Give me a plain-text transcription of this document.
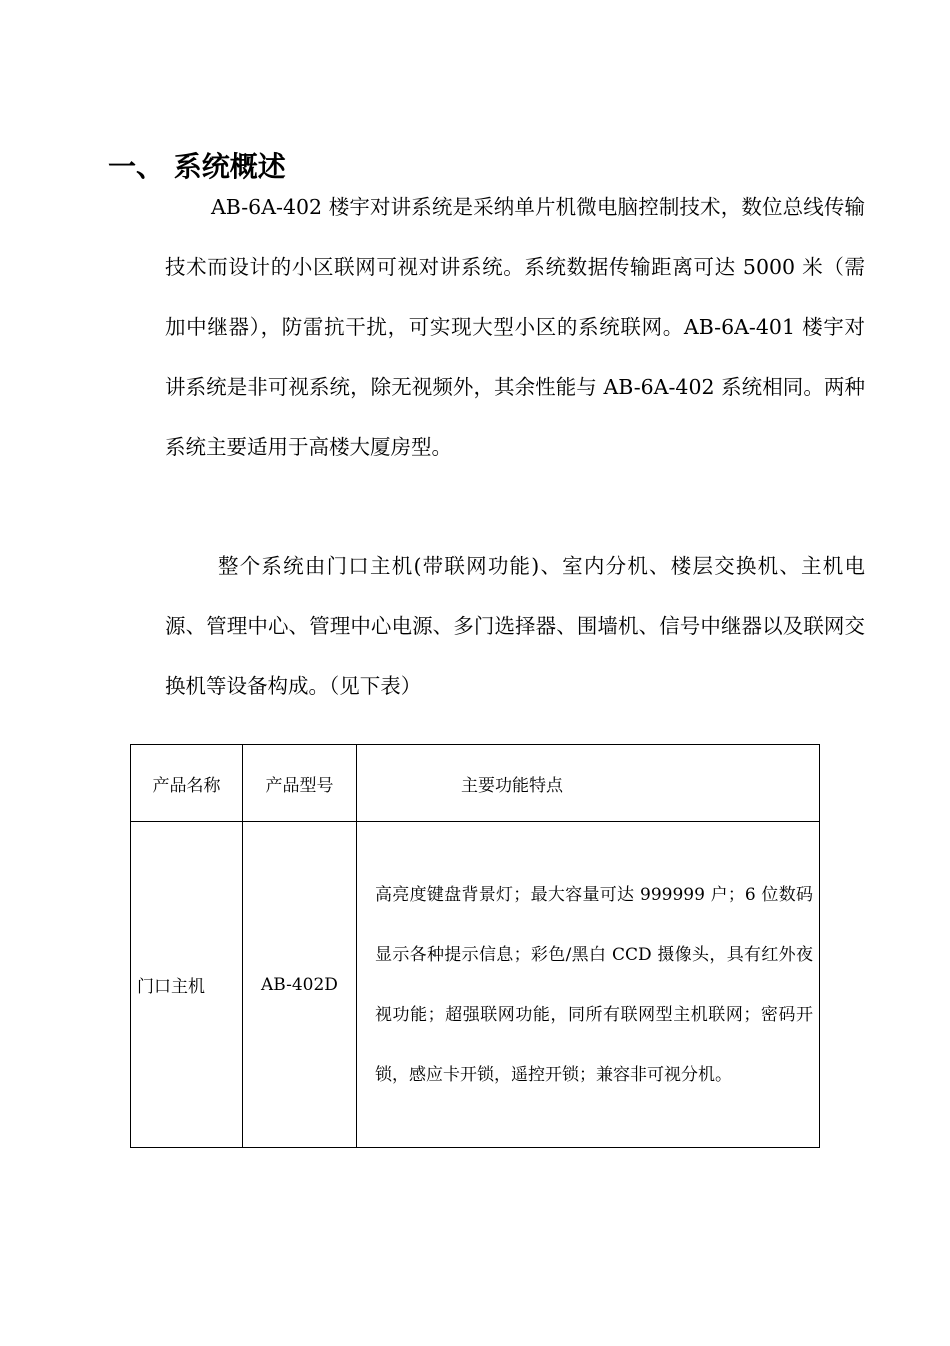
一、 系统概述

AB-6A-402 楼宇对讲系统是采纳单片机微电脑控制技术，数位总线传输技术而设计的小区联网可视对讲系统。系统数据传输距离可达 5000 米（需加中继器），防雷抗干扰，可实现大型小区的系统联网。AB-6A-401 楼宇对讲系统是非可视系统，除无视频外，其余性能与 AB-6A-402 系统相同。两种系统主要适用于高楼大厦房型。

整个系统由门口主机(带联网功能)、室内分机、楼层交换机、主机电源、管理中心、管理中心电源、多门选择器、围墙机、信号中继器以及联网交换机等设备构成。（见下表）

产品名称	产品型号	主要功能特点
门口主机	AB-402D	高亮度键盘背景灯；最大容量可达 999999 户；6 位数码显示各种提示信息；彩色/黑白 CCD 摄像头，具有红外夜视功能；超强联网功能，同所有联网型主机联网；密码开锁，感应卡开锁，遥控开锁；兼容非可视分机。
